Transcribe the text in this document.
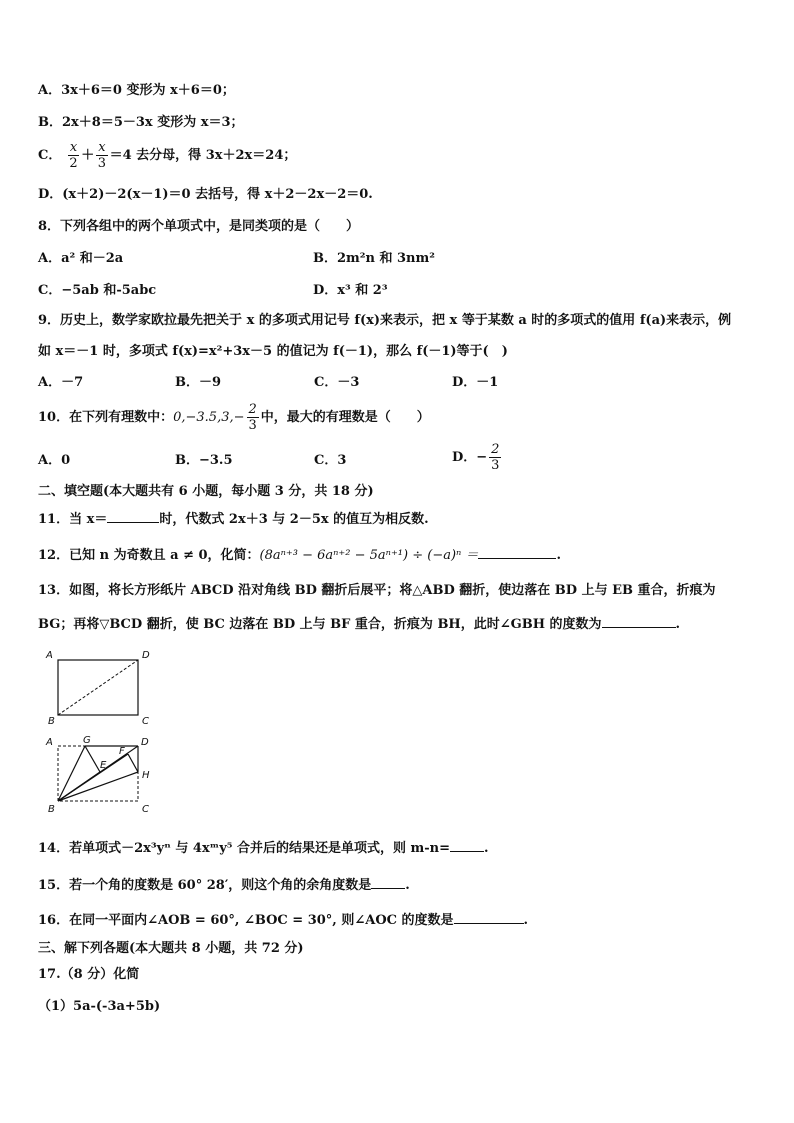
A．3x＋6＝0 变形为 x＋6＝0；
B．2x＋8＝5－3x 变形为 x＝3；
C． $\frac{x}{2} + \frac{x}{3} =4$ 去分母，得 3x＋2x＝24；
D．(x＋2)－2(x－1)＝0 去括号，得 x＋2－2x－2＝0.
8．下列各组中的两个单项式中，是同类项的是（　　）
A．a² 和－2a	B．2m²n 和 3nm²
C．−5ab 和-5abc	D．x³ 和 2³
9．历史上，数学家欧拉最先把关于 x 的多项式用记号 f(x)来表示，把 x 等于某数 a 时的多项式的值用 f(a)来表示，例
如 x＝－1 时，多项式 f(x)=x²+3x－5 的值记为 f(－1)，那么 f(－1)等于(　)
A．－7	B．－9	C．－3	D．－1
10．在下列有理数中：$0,-3.5,3,- \frac{2}{3}$ 中，最大的有理数是（　　）
A．0	B．−3.5	C．3	D．− $\frac{2}{3}$
二、填空题(本大题共有 6 小题，每小题 3 分，共 18 分)
11．当 x＝	时，代数式 2x＋3 与 2－5x 的值互为相反数.
12．已知 n 为奇数且 a ≠ 0，化简：(8aⁿ⁺³ − 6aⁿ⁺² − 5aⁿ⁺¹) ÷ (−a)ⁿ ＝	.
13．如图，将长方形纸片 ABCD 沿对角线 BD 翻折后展平；将△ABD 翻折，使边落在 BD 上与 EB 重合，折痕为
BG；再将▽BCD 翻折，使 BC 边落在 BD 上与 BF 重合，折痕为 BH，此时∠GBH 的度数为	.
A	D
B	C
A	G
F
D
E
H
B	C
14．若单项式－2x³yⁿ 与 4xᵐy⁵ 合并后的结果还是单项式，则 m-n=	.
15．若一个角的度数是 60° 28′，则这个角的余角度数是	.
16．在同一平面内∠AOB = 60°, ∠BOC = 30°, 则∠AOC 的度数是	.
三、解下列各题(本大题共 8 小题，共 72 分)
17.（8 分）化简
（1）5a-(-3a+5b)
